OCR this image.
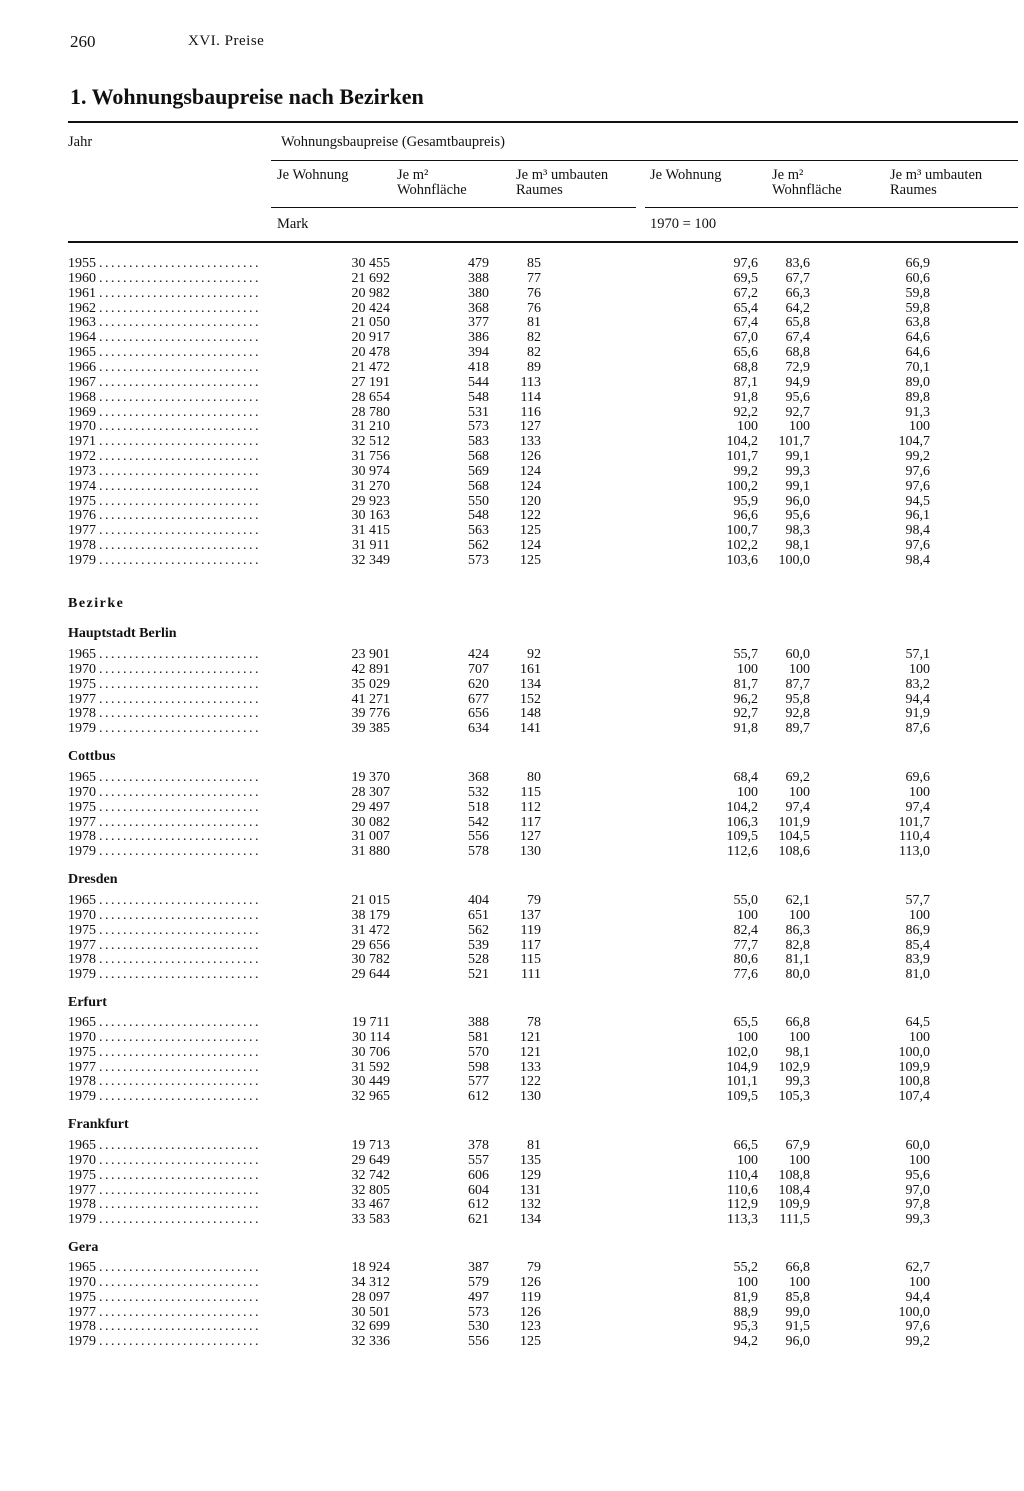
260	XVI. Preise
1. Wohnungsbaupreise nach Bezirken
Jahr	Wohnungsbaupreise (Gesamtbaupreis)
Je Wohnung	Je m²
Wohnfläche
Je m³ umbauten
Raumes
Je Wohnung	Je m²
Wohnfläche
Je m³ umbauten
Raumes
Mark	1970 = 100
1955 . . .	30 455	479	85	97,6	83,6	66,9
1960 . . .	21 692	388	77	69,5	67,7	60,6
1961 . . .	20 982	380	76	67,2	66,3	59,8
1962 . . .	20 424	368	76	65,4	64,2	59,8
1963 . . .	21 050	377	81	67,4	65,8	63,8
1964 . . .	20 917	386	82	67,0	67,4	64,6
1965 . . .	20 478	394	82	65,6	68,8	64,6
1966 . . .	21 472	418	89	68,8	72,9	70,1
1967 . . .	27 191	544	113	87,1	94,9	89,0
1968 . . .	28 654	548	114	91,8	95,6	89,8
1969 . . .	28 780	531	116	92,2	92,7	91,3
1970 . . .	31 210	573	127	100	100	100
1971 . . .	32 512	583	133	104,2	101,7	104,7
1972 . . .	31 756	568	126	101,7	99,1	99,2
1973 . . .	30 974	569	124	99,2	99,3	97,6
1974 . . .	31 270	568	124	100,2	99,1	97,6
1975 . . .	29 923	550	120	95,9	96,0	94,5
1976 . . .	30 163	548	122	96,6	95,6	96,1
1977 . . .	31 415	563	125	100,7	98,3	98,4
1978 . . .	31 911	562	124	102,2	98,1	97,6
1979 . . .	32 349	573	125	103,6	100,0	98,4
Bezirke
Hauptstadt Berlin
1965 . . .	23 901	424	92	55,7	60,0	57,1
1970 . . .	42 891	707	161	100	100	100
1975 . . .	35 029	620	134	81,7	87,7	83,2
1977 . . .	41 271	677	152	96,2	95,8	94,4
1978 . . .	39 776	656	148	92,7	92,8	91,9
1979 . . .	39 385	634	141	91,8	89,7	87,6
Cottbus
1965 . . .	19 370	368	80	68,4	69,2	69,6
1970 . . .	28 307	532	115	100	100	100
1975 . . .	29 497	518	112	104,2	97,4	97,4
1977 . . .	30 082	542	117	106,3	101,9	101,7
1978 . . .	31 007	556	127	109,5	104,5	110,4
1979 . . .	31 880	578	130	112,6	108,6	113,0
Dresden
1965 . . .	21 015	404	79	55,0	62,1	57,7
1970 . . .	38 179	651	137	100	100	100
1975 . . .	31 472	562	119	82,4	86,3	86,9
1977 . . .	29 656	539	117	77,7	82,8	85,4
1978 . . .	30 782	528	115	80,6	81,1	83,9
1979 . . .	29 644	521	111	77,6	80,0	81,0
Erfurt
1965 . . .	19 711	388	78	65,5	66,8	64,5
1970 . . .	30 114	581	121	100	100	100
1975 . . .	30 706	570	121	102,0	98,1	100,0
1977 . . .	31 592	598	133	104,9	102,9	109,9
1978 . . .	30 449	577	122	101,1	99,3	100,8
1979 . . .	32 965	612	130	109,5	105,3	107,4
Frankfurt
1965 . . .	19 713	378	81	66,5	67,9	60,0
1970 . . .	29 649	557	135	100	100	100
1975 . . .	32 742	606	129	110,4	108,8	95,6
1977 . . .	32 805	604	131	110,6	108,4	97,0
1978 . . .	33 467	612	132	112,9	109,9	97,8
1979 . . .	33 583	621	134	113,3	111,5	99,3
Gera
1965 . . .	18 924	387	79	55,2	66,8	62,7
1970 . . .	34 312	579	126	100	100	100
1975 . . .	28 097	497	119	81,9	85,8	94,4
1977 . . .	30 501	573	126	88,9	99,0	100,0
1978 . . .	32 699	530	123	95,3	91,5	97,6
1979 . . .	32 336	556	125	94,2	96,0	99,2
